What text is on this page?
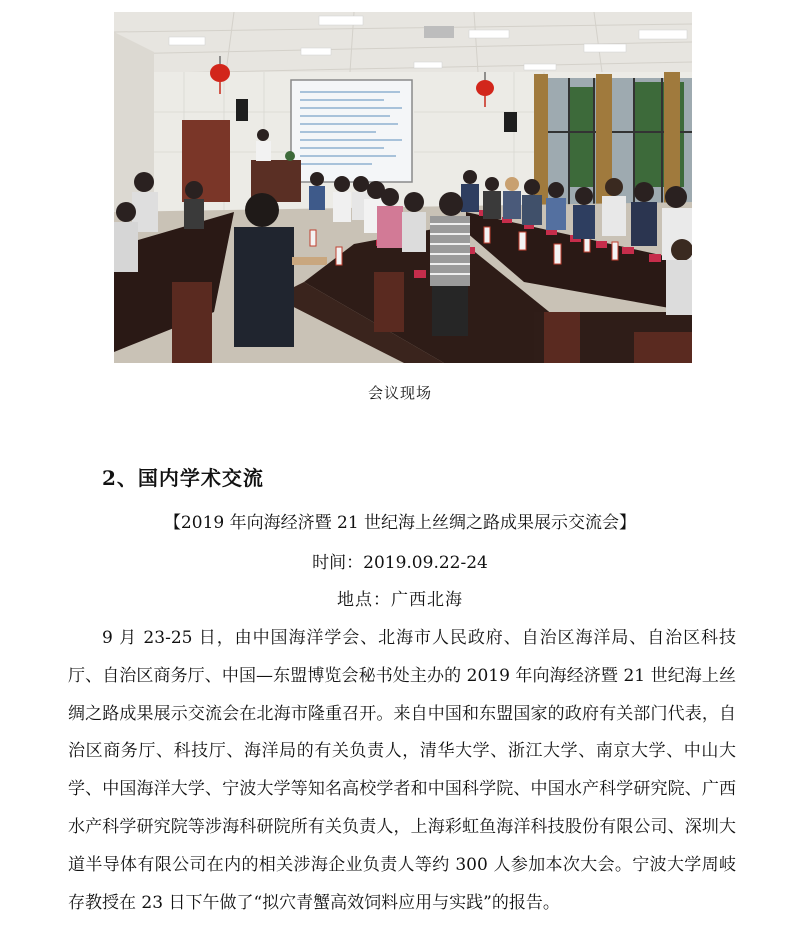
会议现场
2、国内学术交流
【2019 年向海经济暨 21 世纪海上丝绸之路成果展示交流会】
时间：2019.09.22-24
地点：广西北海

9 月 23-25 日，由中国海洋学会、北海市人民政府、自治区海洋局、自治区科技厅、自治区商务厅、中国—东盟博览会秘书处主办的 2019 年向海经济暨 21 世纪海上丝绸之路成果展示交流会在北海市隆重召开。来自中国和东盟国家的政府有关部门代表，自治区商务厅、科技厅、海洋局的有关负责人，清华大学、浙江大学、南京大学、中山大学、中国海洋大学、宁波大学等知名高校学者和中国科学院、中国水产科学研究院、广西水产科学研究院等涉海科研院所有关负责人，上海彩虹鱼海洋科技股份有限公司、深圳大道半导体有限公司在内的相关涉海企业负责人等约 300 人参加本次大会。宁波大学周岐存教授在 23 日下午做了“拟穴青蟹高效饲料应用与实践”的报告。
